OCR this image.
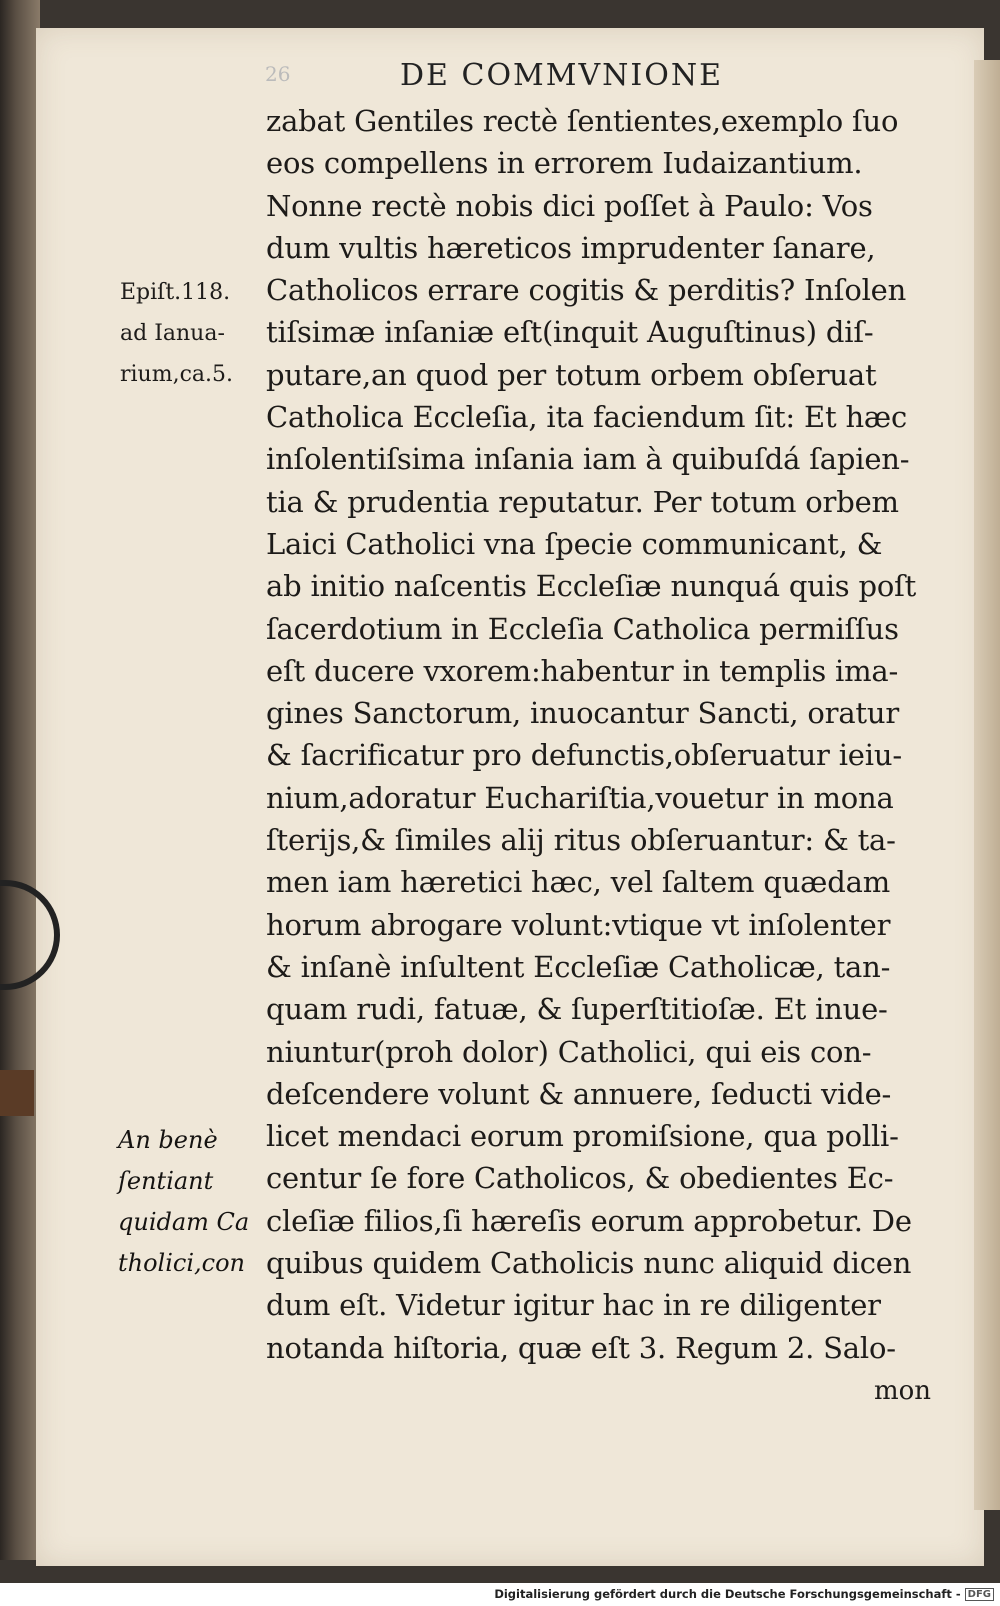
26	DE COMMVNIONE
zabat Gentiles rectè ſentientes,exemplo ſuo
eos compellens in errorem Iudaizantium.
Nonne rectè nobis dici poſſet à Paulo: Vos
dum vultis hæreticos imprudenter ſanare,
Catholicos errare cogitis & perditis? Inſolen
tiſsimæ inſaniæ eſt(inquit Auguſtinus) diſ-
putare,an quod per totum orbem obſeruat
Catholica Eccleſia, ita faciendum ſit: Et hæc
inſolentiſsima inſania iam à quibuſdá ſapien-
tia & prudentia reputatur. Per totum orbem
Laici Catholici vna ſpecie communicant, &
ab initio naſcentis Eccleſiæ nunquá quis poſt
ſacerdotium in Eccleſia Catholica permiſſus
eſt ducere vxorem:habentur in templis ima-
gines Sanctorum, inuocantur Sancti, oratur
& ſacrificatur pro defunctis,obſeruatur ieiu-
nium,adoratur Euchariſtia,vouetur in mona
ſterijs,& ſimiles alij ritus obſeruantur: & ta-
men iam hæretici hæc, vel ſaltem quædam
horum abrogare volunt:vtique vt inſolenter
& inſanè inſultent Eccleſiæ Catholicæ, tan-
quam rudi, fatuæ, & ſuperſtitioſæ. Et inue-
niuntur(proh dolor) Catholici, qui eis con-
deſcendere volunt & annuere, ſeducti vide-
licet mendaci eorum promiſsione, qua polli-
centur ſe fore Catholicos, & obedientes Ec-
cleſiæ filios,ſi hæreſis eorum approbetur. De
quibus quidem Catholicis nunc aliquid dicen
dum eſt. Videtur igitur hac in re diligenter
notanda hiſtoria, quæ eſt 3. Regum 2. Salo-
mon
Epiſt.118.
ad Ianua-
rium,ca.5.
An benè
ſentiant
quidam Ca
tholici,con
Digitalisierung gefördert durch die Deutsche Forschungsgemeinschaft - DFG
